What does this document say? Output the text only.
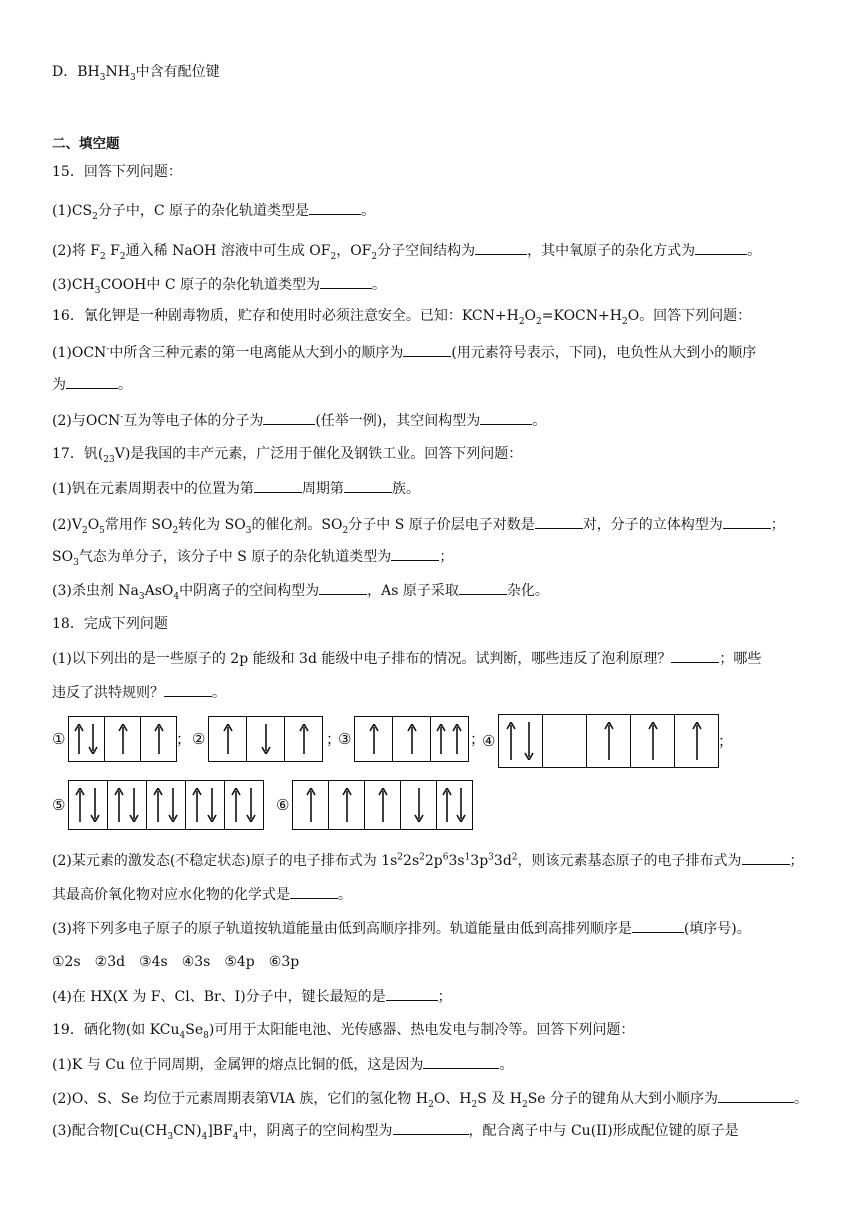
D．$BH_3NH_3$中含有配位键
二、填空题
15．回答下列问题：
$(1)CS_2$分子中，C 原子的杂化轨道类型是	。
(2)将 $F_2$ $F_2$通入稀 NaOH 溶液中可生成 $OF_2$，$OF_2$分子空间结构为	，其中氧原子的杂化方式为	。
$(3)CH_3COOH$中 C 原子的杂化轨道类型为	。
16．氰化钾是一种剧毒物质，贮存和使用时必须注意安全。已知：$KCN+H_2O_2=KOCN+H_2O$。回答下列问题：
(1)OCN-中所含三种元素的第一电离能从大到小的顺序为	(用元素符号表示，下同)，电负性从大到小的顺序
为	。
(2)与OCN-互为等电子体的分子为	(任举一例)，其空间构型为	。
17．钒$(_{23}V)$是我国的丰产元素，广泛用于催化及钢铁工业。回答下列问题：
(1)钒在元素周期表中的位置为第	周期第	族。
$(2)V_2O_5$常用作 $SO_2$转化为 $SO_3$的催化剂。$SO_2$分子中 S 原子价层电子对数是	对，分子的立体构型为	；
$SO_3$气态为单分子，该分子中 S 原子的杂化轨道类型为	；
(3)杀虫剂 $Na_3AsO_4$中阴离子的空间构型为	，As 原子采取	杂化。
18．完成下列问题
(1)以下列出的是一些原子的 2p 能级和 3d 能级中电子排布的情况。试判断，哪些违反了泡利原理？	；哪些
违反了洪特规则？	。
①	； ②	；
③	；
④	；
⑤	⑥
(2)某元素的激发态(不稳定状态)原子的电子排布式为 $1s^22s^22p^63s^13p^33d^2$，则该元素基态原子的电子排布式为	；
其最高价氧化物对应水化物的化学式是	。
(3)将下列多电子原子的原子轨道按轨道能量由低到高顺序排列。轨道能量由低到高排列顺序是	(填序号)。
①2s　②3d　③4s　④3s　⑤4p　⑥3p
(4)在 HX(X 为 F、Cl、Br、I)分子中，键长最短的是	；
19．硒化物(如 $KCu_4Se_8$)可用于太阳能电池、光传感器、热电发电与制冷等。回答下列问题：
(1)K 与 Cu 位于同周期，金属钾的熔点比铜的低，这是因为	。
(2)O、S、Se 均位于元素周期表第VIA 族，它们的氢化物 $H_2O$、$H_2S$ 及 $H_2Se$ 分子的键角从大到小顺序为	。
(3)配合物$[Cu(CH_3CN)_4]BF_4$中，阴离子的空间构型为	，配合离子中与 Cu(II)形成配位键的原子是
